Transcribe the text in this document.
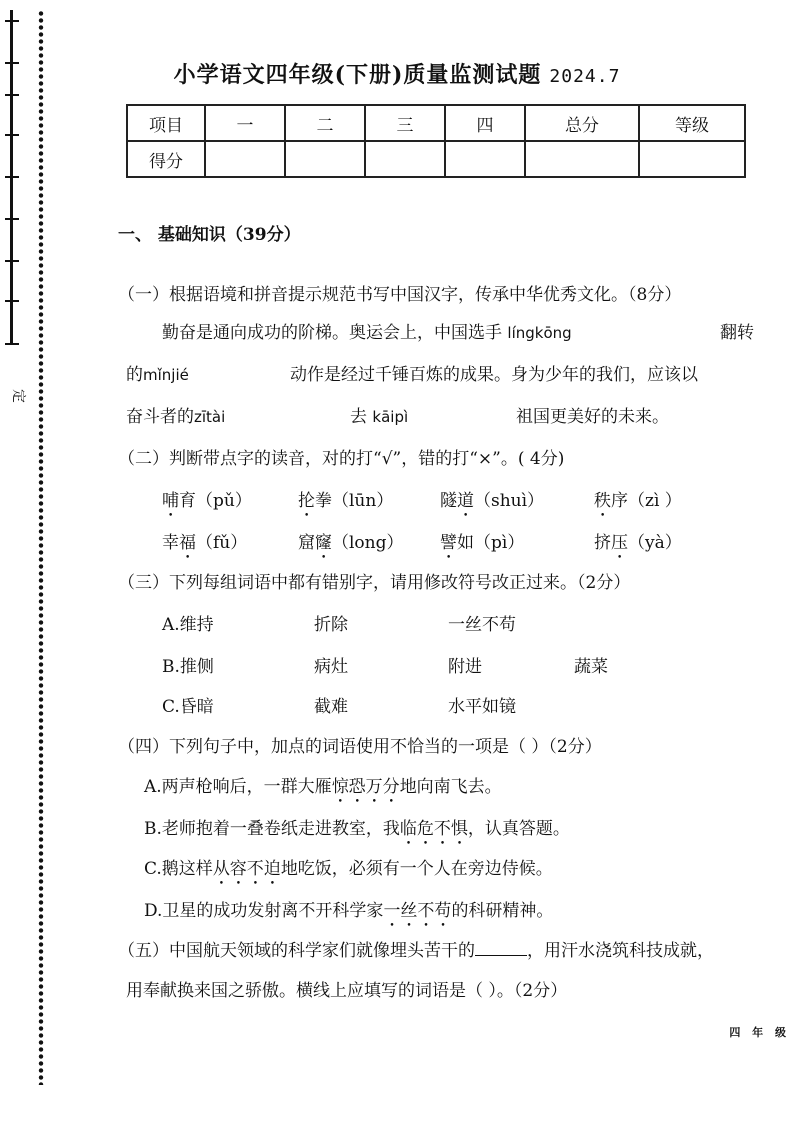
定
小学语文四年级(下册)质量监测试题 2024.7
项目	一	二	三	四	总分	等级
得分						
一、 基础知识（39分）
（一）根据语境和拼音提示规范书写中国汉字，传承中华优秀文化。（8分）
勤奋是通向成功的阶梯。奥运会上，中国选手 língkōng	翻转
的mǐnjié	动作是经过千锤百炼的成果。身为少年的我们，应该以
奋斗者的zītài	去 kāipì	祖国更美好的未来。
（二）判断带点字的读音，对的打“√”，错的打“×”。( 4分)
哺育（pǔ）	抡拳（lūn）	隧道（shuì）	秩序（zì ）
幸福（fǔ）	窟窿（long） 譬如（pì）	挤压（yà）
（三）下列每组词语中都有错别字，请用修改符号改正过来。（2分）
A.维持	折除	一丝不苟
B.推侧	病灶	附进	蔬菜
C.昏暗	截难	水平如镜
（四）下列句子中，加点的词语使用不恰当的一项是（ ）（2分）
A.两声枪响后，一群大雁惊恐万分地向南飞去。
B.老师抱着一叠卷纸走进教室，我临危不惧，认真答题。
C.鹅这样从容不迫地吃饭，必须有一个人在旁边侍候。
D.卫星的成功发射离不开科学家一丝不苟的科研精神。
（五）中国航天领域的科学家们就像埋头苦干的	，用汗水浇筑科技成就，
用奉献换来国之骄傲。横线上应填写的词语是（ ）。（2分）
四 年 级
